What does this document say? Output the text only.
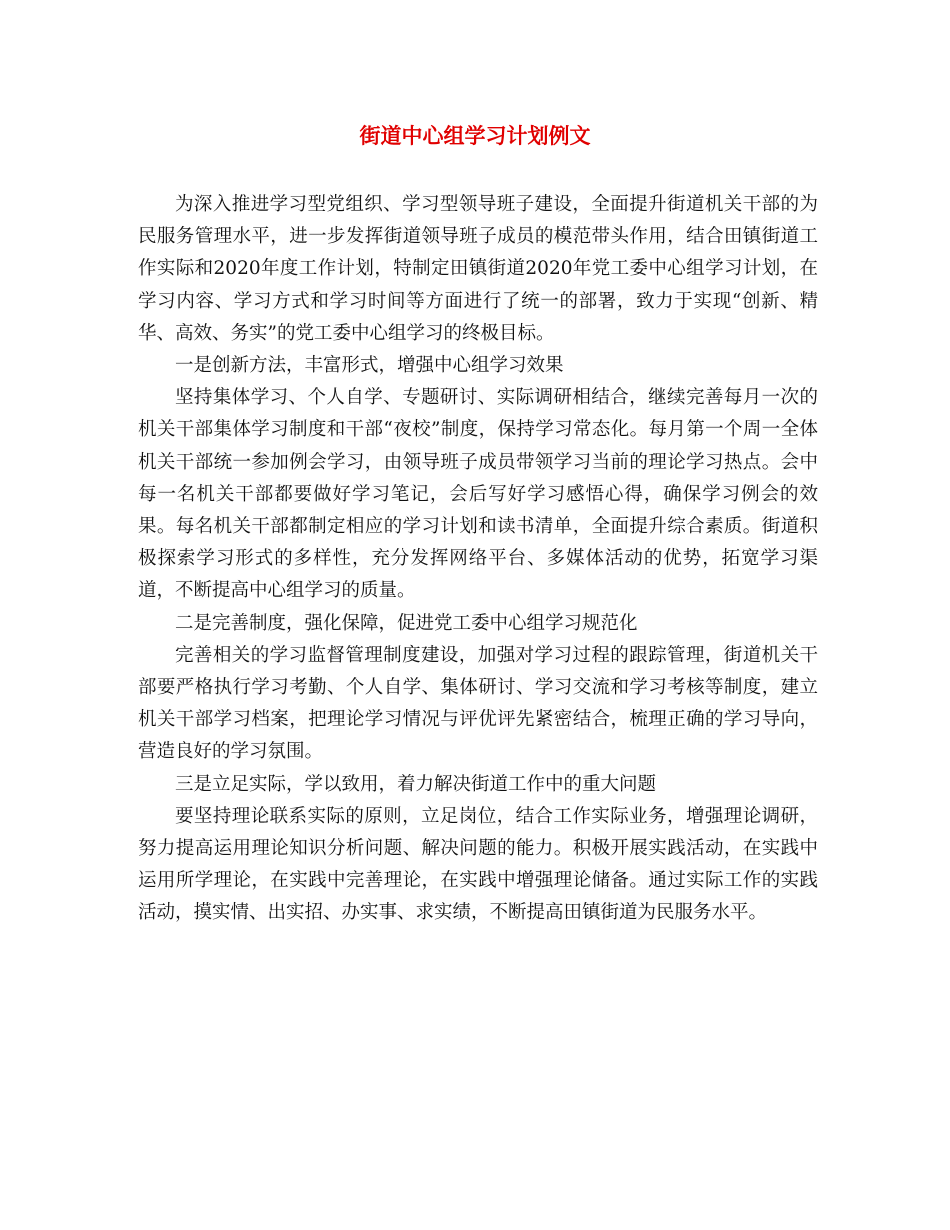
街道中心组学习计划例文

为深入推进学习型党组织、学习型领导班子建设，全面提升街道机关干部的为民服务管理水平，进一步发挥街道领导班子成员的模范带头作用，结合田镇街道工作实际和2020年度工作计划，特制定田镇街道2020年党工委中心组学习计划，在学习内容、学习方式和学习时间等方面进行了统一的部署，致力于实现“创新、精华、高效、务实”的党工委中心组学习的终极目标。

一是创新方法，丰富形式，增强中心组学习效果

坚持集体学习、个人自学、专题研讨、实际调研相结合，继续完善每月一次的机关干部集体学习制度和干部“夜校”制度，保持学习常态化。每月第一个周一全体机关干部统一参加例会学习，由领导班子成员带领学习当前的理论学习热点。会中每一名机关干部都要做好学习笔记，会后写好学习感悟心得，确保学习例会的效果。每名机关干部都制定相应的学习计划和读书清单，全面提升综合素质。街道积极探索学习形式的多样性，充分发挥网络平台、多媒体活动的优势，拓宽学习渠道，不断提高中心组学习的质量。

二是完善制度，强化保障，促进党工委中心组学习规范化

完善相关的学习监督管理制度建设，加强对学习过程的跟踪管理，街道机关干部要严格执行学习考勤、个人自学、集体研讨、学习交流和学习考核等制度，建立机关干部学习档案，把理论学习情况与评优评先紧密结合，梳理正确的学习导向，营造良好的学习氛围。

三是立足实际，学以致用，着力解决街道工作中的重大问题

要坚持理论联系实际的原则，立足岗位，结合工作实际业务，增强理论调研，努力提高运用理论知识分析问题、解决问题的能力。积极开展实践活动，在实践中运用所学理论，在实践中完善理论，在实践中增强理论储备。通过实际工作的实践活动，摸实情、出实招、办实事、求实绩，不断提高田镇街道为民服务水平。
